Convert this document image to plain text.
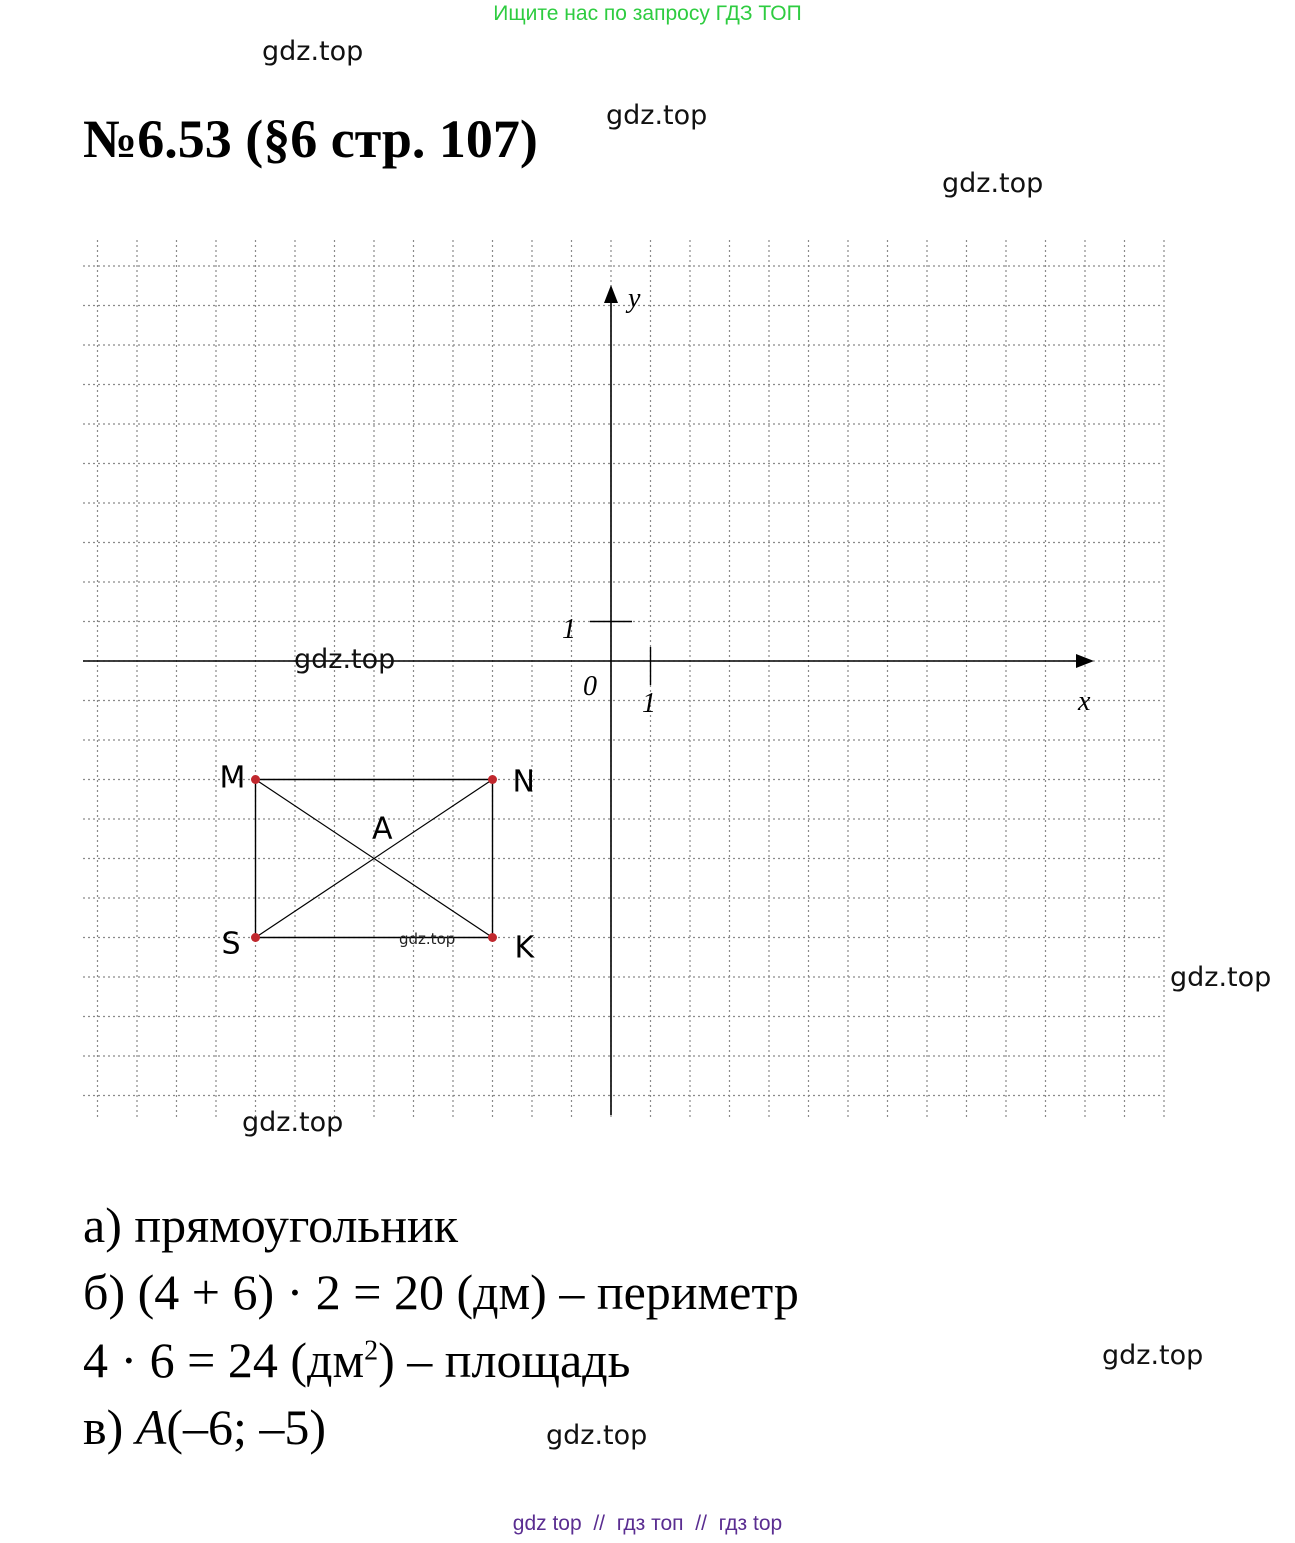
Ищите нас по запросу ГДЗ ТОП
gdz.top
gdz.top
gdz.top
№6.53 (§6 стр. 107)
y
x
0
1
1
M	N
K
S
A
gdz.top
gdz.top
gdz.top
gdz.top
а) прямоугольник
б) (4 + 6) · 2 = 20 (дм) – периметр
4 · 6 = 24 $(дм^2)$ – площадь
в) A(–6; –5)
gdz.top
gdz.top
gdz top  //  гдз топ  //  гдз top
